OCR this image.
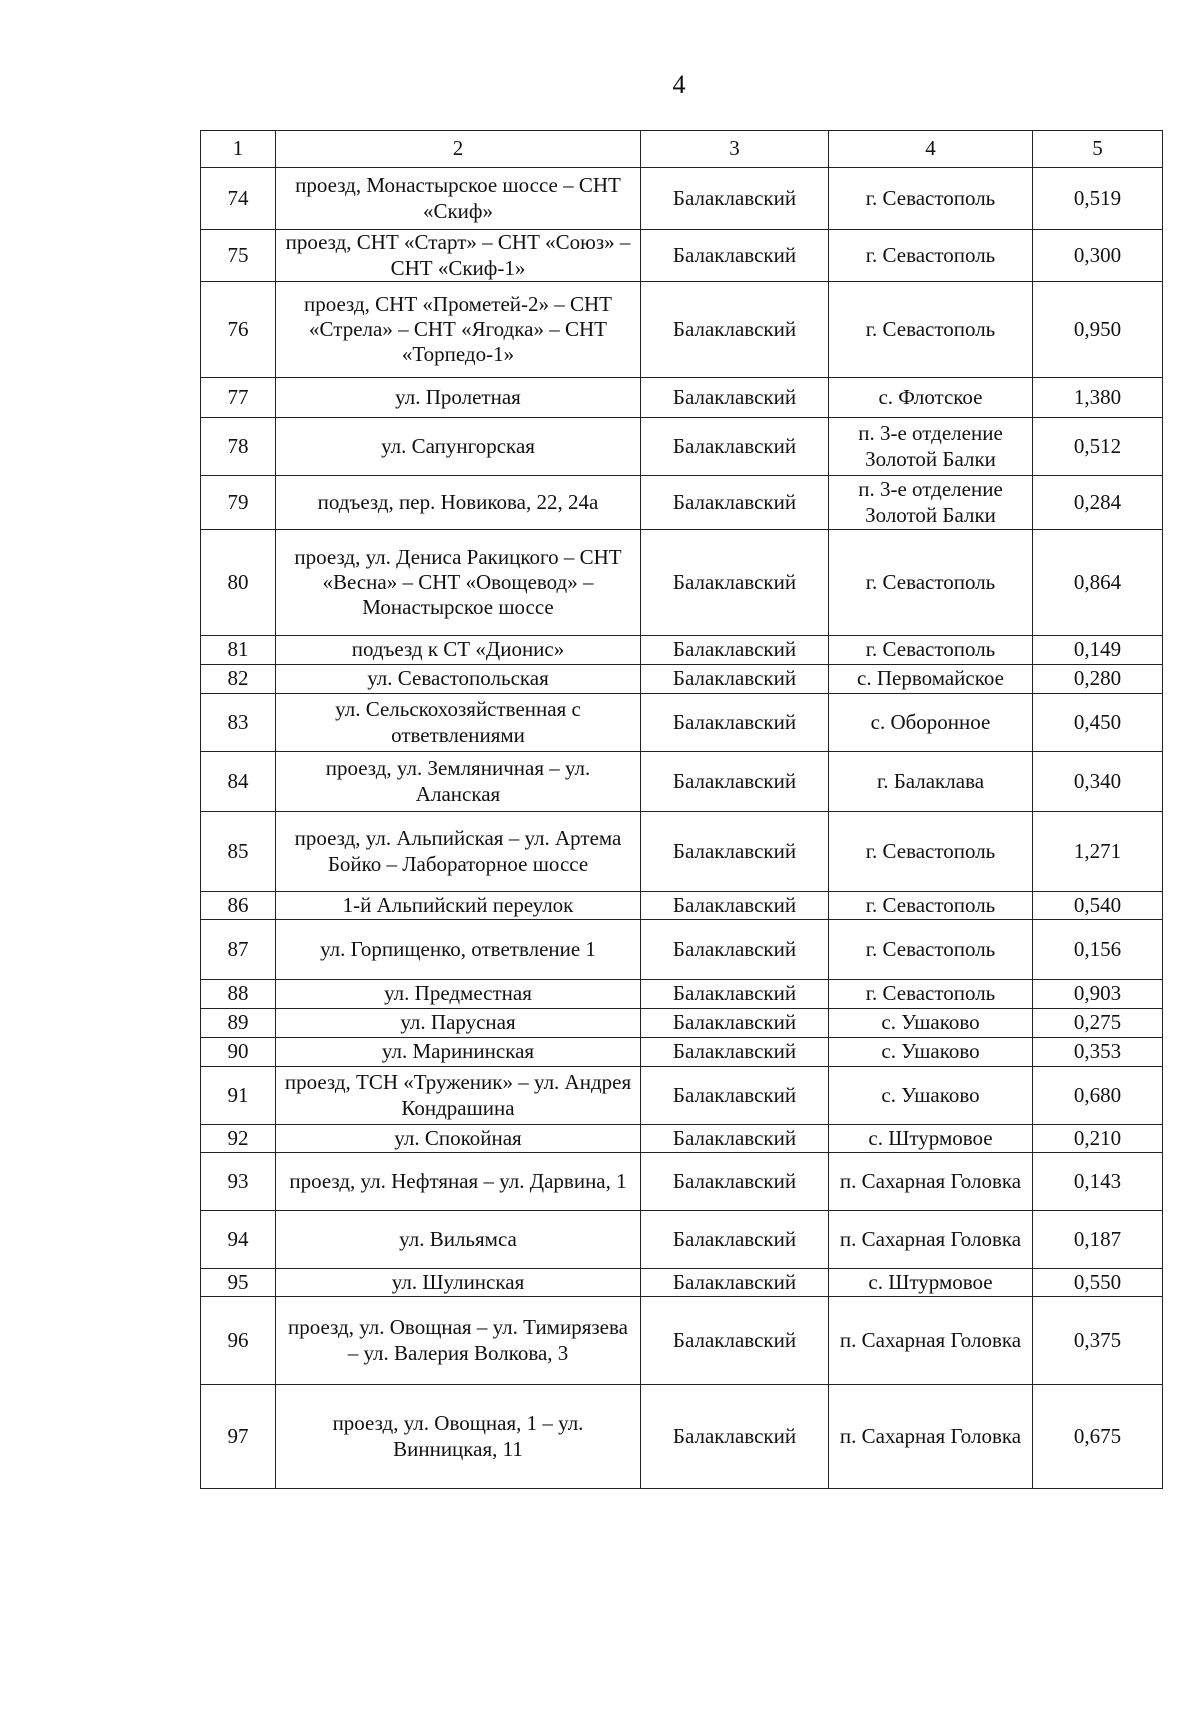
4
1	2	3	4	5
74	проезд, Монастырское шоссе – СНТ «Скиф»	Балаклавский	г. Севастополь	0,519
75	проезд, СНТ «Старт» – СНТ «Союз» – СНТ «Скиф-1»	Балаклавский	г. Севастополь	0,300
76	проезд, СНТ «Прометей-2» – СНТ «Стрела» – СНТ «Ягодка» – СНТ «Торпедо-1»	Балаклавский	г. Севастополь	0,950
77	ул. Пролетная	Балаклавский	с. Флотское	1,380
78	ул. Сапунгорская	Балаклавский	п. 3-е отделение Золотой Балки	0,512
79	подъезд, пер. Новикова, 22, 24а	Балаклавский	п. 3-е отделение Золотой Балки	0,284
80	проезд, ул. Дениса Ракицкого – СНТ «Весна» – СНТ «Овощевод» – Монастырское шоссе	Балаклавский	г. Севастополь	0,864
81	подъезд к СТ «Дионис»	Балаклавский	г. Севастополь	0,149
82	ул. Севастопольская	Балаклавский	с. Первомайское	0,280
83	ул. Сельскохозяйственная с ответвлениями	Балаклавский	с. Оборонное	0,450
84	проезд, ул. Земляничная – ул. Аланская	Балаклавский	г. Балаклава	0,340
85	проезд, ул. Альпийская – ул. Артема Бойко – Лабораторное шоссе	Балаклавский	г. Севастополь	1,271
86	1-й Альпийский переулок	Балаклавский	г. Севастополь	0,540
87	ул. Горпищенко, ответвление 1	Балаклавский	г. Севастополь	0,156
88	ул. Предместная	Балаклавский	г. Севастополь	0,903
89	ул. Парусная	Балаклавский	с. Ушаково	0,275
90	ул. Марининская	Балаклавский	с. Ушаково	0,353
91	проезд, ТСН «Труженик» – ул. Андрея Кондрашина	Балаклавский	с. Ушаково	0,680
92	ул. Спокойная	Балаклавский	с. Штурмовое	0,210
93	проезд, ул. Нефтяная – ул. Дарвина, 1	Балаклавский	п. Сахарная Головка	0,143
94	ул. Вильямса	Балаклавский	п. Сахарная Головка	0,187
95	ул. Шулинская	Балаклавский	с. Штурмовое	0,550
96	проезд, ул. Овощная – ул. Тимирязева – ул. Валерия Волкова, 3	Балаклавский	п. Сахарная Головка	0,375
97	проезд, ул. Овощная, 1 – ул. Винницкая, 11	Балаклавский	п. Сахарная Головка	0,675
